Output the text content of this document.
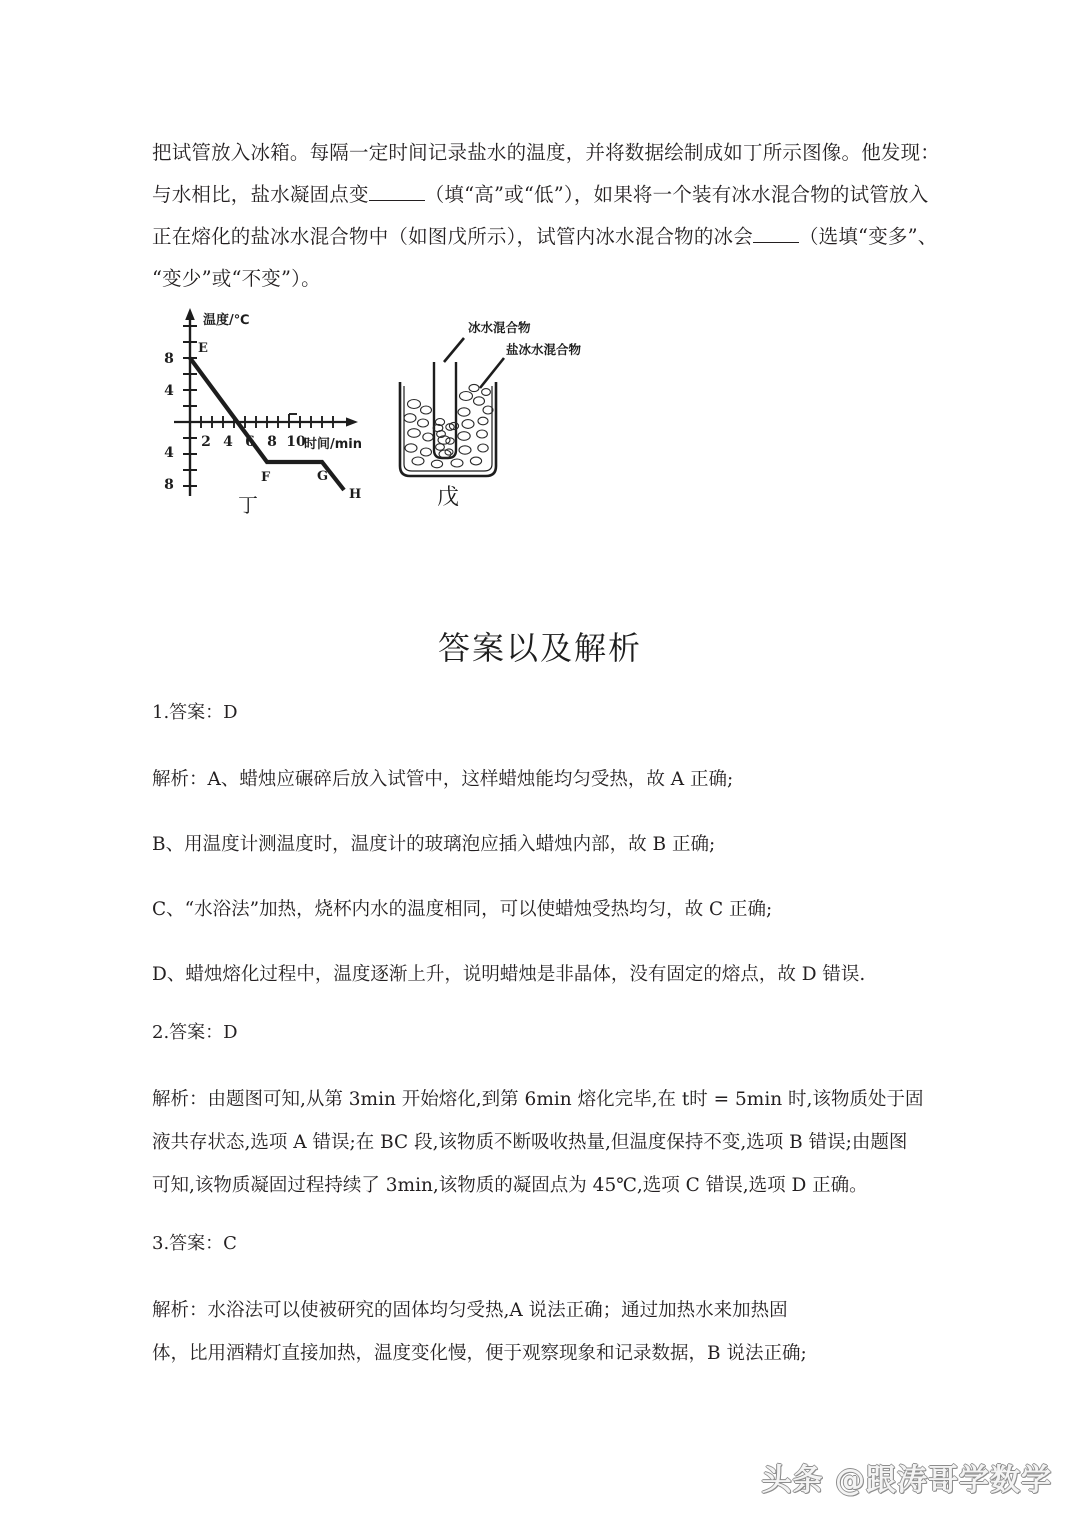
把试管放入冰箱。每隔一定时间记录盐水的温度，并将数据绘制成如丁所示图像。他发现：
与水相比，盐水凝固点变	（填“高”或“低”），如果将一个装有冰水混合物的试管放入
正在熔化的盐冰水混合物中（如图戊所示），试管内冰水混合物的冰会 （选填“变多”、
“变少”或“不变”）。
温度/℃
时间/min
8
4
4
8
2 4 6 8 10
E
F	G
H
丁
冰水混合物
盐冰水混合物
戊
答案以及解析
1.答案：D
解析：A、蜡烛应碾碎后放入试管中，这样蜡烛能均匀受热，故 A 正确;
B、用温度计测温度时，温度计的玻璃泡应插入蜡烛内部，故 B 正确;
C、“水浴法”加热，烧杯内水的温度相同，可以使蜡烛受热均匀，故 C 正确;
D、蜡烛熔化过程中，温度逐渐上升，说明蜡烛是非晶体，没有固定的熔点，故 D 错误.
2.答案：D
解析：由题图可知,从第 3min 开始熔化,到第 6min 熔化完毕,在 t时 = 5min 时,该物质处于固
液共存状态,选项 A 错误;在 BC 段,该物质不断吸收热量,但温度保持不变,选项 B 错误;由题图
可知,该物质凝固过程持续了 3min,该物质的凝固点为 45℃,选项 C 错误,选项 D 正确。
3.答案：C
解析：水浴法可以使被研究的固体均匀受热,A 说法正确；通过加热水来加热固
体，比用酒精灯直接加热，温度变化慢，便于观察现象和记录数据，B 说法正确;
头条 @跟涛哥学数学
